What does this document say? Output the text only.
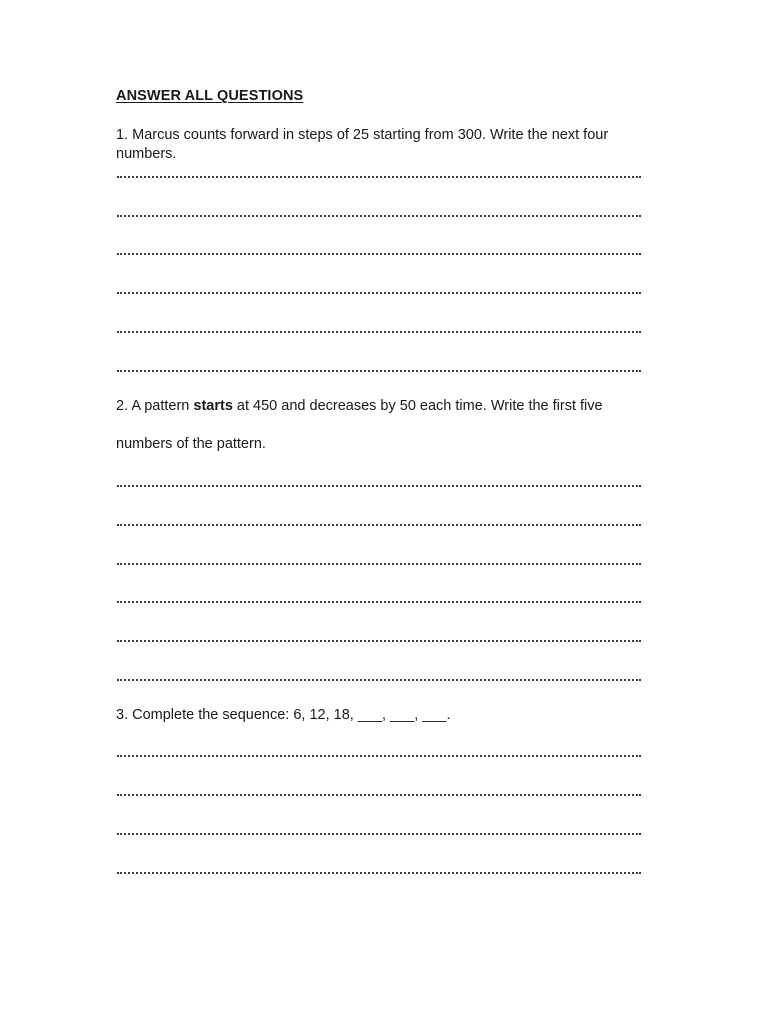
ANSWER ALL QUESTIONS
1. Marcus counts forward in steps of 25 starting from 300. Write the next four
numbers.
2. A pattern starts at 450 and decreases by 50 each time. Write the first five
numbers of the pattern.
3. Complete the sequence: 6, 12, 18, ___, ___, ___.
